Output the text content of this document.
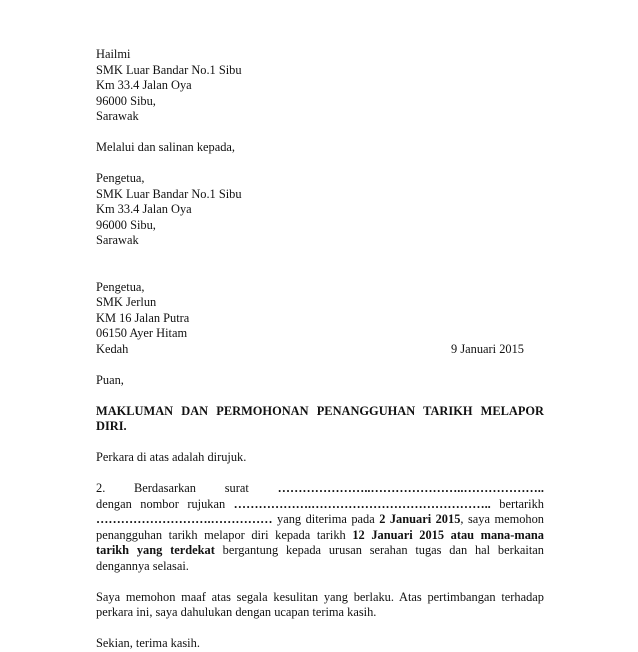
Hailmi
SMK Luar Bandar No.1 Sibu
Km 33.4 Jalan Oya
96000 Sibu,
Sarawak
Melalui dan salinan kepada,
Pengetua,
SMK Luar Bandar No.1 Sibu
Km 33.4 Jalan Oya
96000 Sibu,
Sarawak
Pengetua,
SMK Jerlun
KM 16 Jalan Putra
06150 Ayer Hitam
Kedah	9 Januari 2015
Puan,
MAKLUMAN DAN PERMOHONAN PENANGGUHAN TARIKH MELAPOR DIRI.
Perkara di atas adalah dirujuk.
2. Berdasarkan surat …………………..…………………..………………..
dengan nombor rujukan ……………….…………………………………….. bertarikh ……………………….…………… yang diterima pada 2 Januari 2015, saya memohon penangguhan tarikh melapor diri kepada tarikh 12 Januari 2015 atau mana-mana tarikh yang terdekat bergantung kepada urusan serahan tugas dan hal berkaitan dengannya selasai.
Saya memohon maaf atas segala kesulitan yang berlaku. Atas pertimbangan terhadap perkara ini, saya dahulukan dengan ucapan terima kasih.
Sekian, terima kasih.
